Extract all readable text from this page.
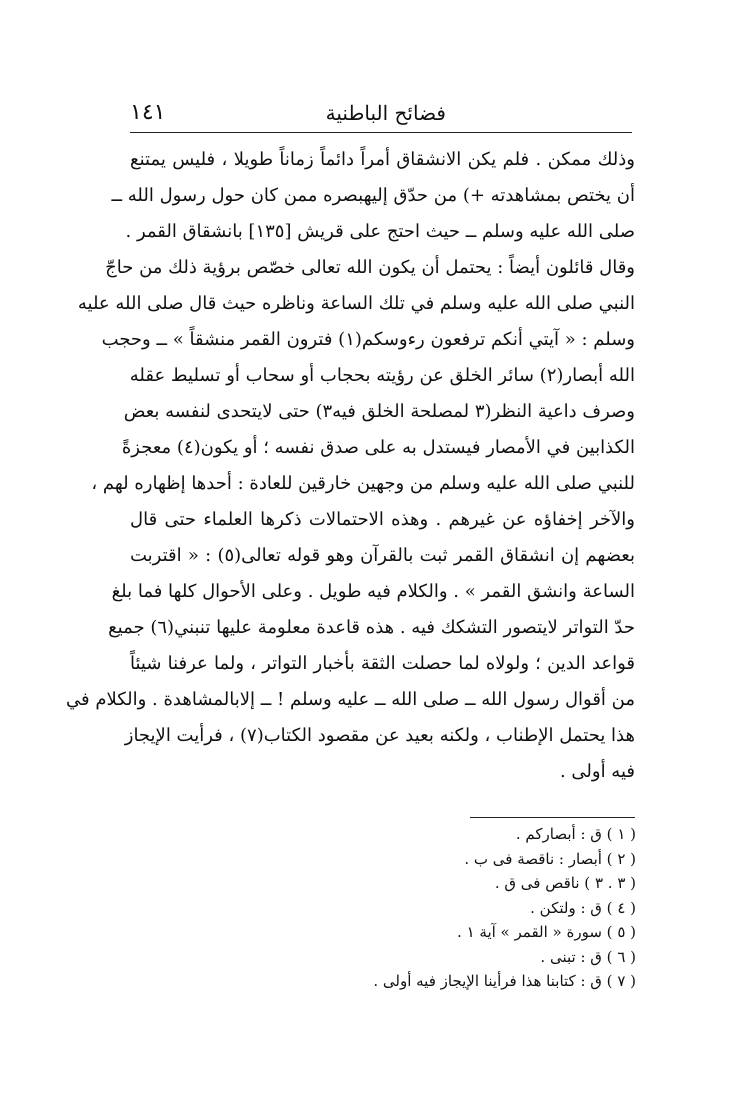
فضائح الباطنية
١٤١
وذلك ممكن . فلم يكن الانشقاق أمراً دائماً زماناً طويلا ، فليس يمتنع
أن يختص بمشاهدته +) من حدّق إليهبصره ممن كان حول رسول الله ــ
صلى الله عليه وسلم ــ حيث احتج على قريش [١٣٥] بانشقاق القمر .
وقال قائلون أيضاً : يحتمل أن يكون الله تعالى خصّص برؤية ذلك من حاجّ
النبي صلى الله عليه وسلم في تلك الساعة وناظره حيث قال صلى الله عليه
وسلم : « آيتي أنكم ترفعون رءوسكم(١) فترون القمر منشقاً » ــ وحجب
الله أبصار(٢) سائر الخلق عن رؤيته بحجاب أو سحاب أو تسليط عقله
وصرف داعية النظر(٣ لمصلحة الخلق فيه٣) حتى لايتحدى لنفسه بعض
الكذابين في الأمصار فيستدل به على صدق نفسه ؛ أو يكون(٤) معجزةً
للنبي صلى الله عليه وسلم من وجهين خارقين للعادة : أحدها إظهاره لهم ،
والآخر إخفاؤه عن غيرهم . وهذه الاحتمالات ذكرها العلماء حتى قال
بعضهم إن انشقاق القمر ثبت بالقرآن وهو قوله تعالى(٥) : « اقتربت
الساعة وانشق القمر » . والكلام فيه طويل . وعلى الأحوال كلها فما بلغ
حدّ التواتر لايتصور التشكك فيه . هذه قاعدة معلومة عليها تنبني(٦) جميع
قواعد الدين ؛ ولولاه لما حصلت الثقة بأخبار التواتر ، ولما عرفنا شيئاً
من أقوال رسول الله ــ صلى الله ــ عليه وسلم ! ــ إلابالمشاهدة . والكلام في
هذا يحتمل الإطناب ، ولكنه بعيد عن مقصود الكتاب(٧) ، فرأيت الإيجاز
فيه أولى .
( ١ ) ق : أبصاركم .
( ٢ ) أبصار : ناقصة فى ب .
( ٣ . ٣ ) ناقص فى ق .
( ٤ ) ق : ولتكن .
( ٥ ) سورة « القمر » آية ١ .
( ٦ ) ق : تبنى .
( ٧ ) ق : كتابنا هذا فرأينا الإيجاز فيه أولى .
